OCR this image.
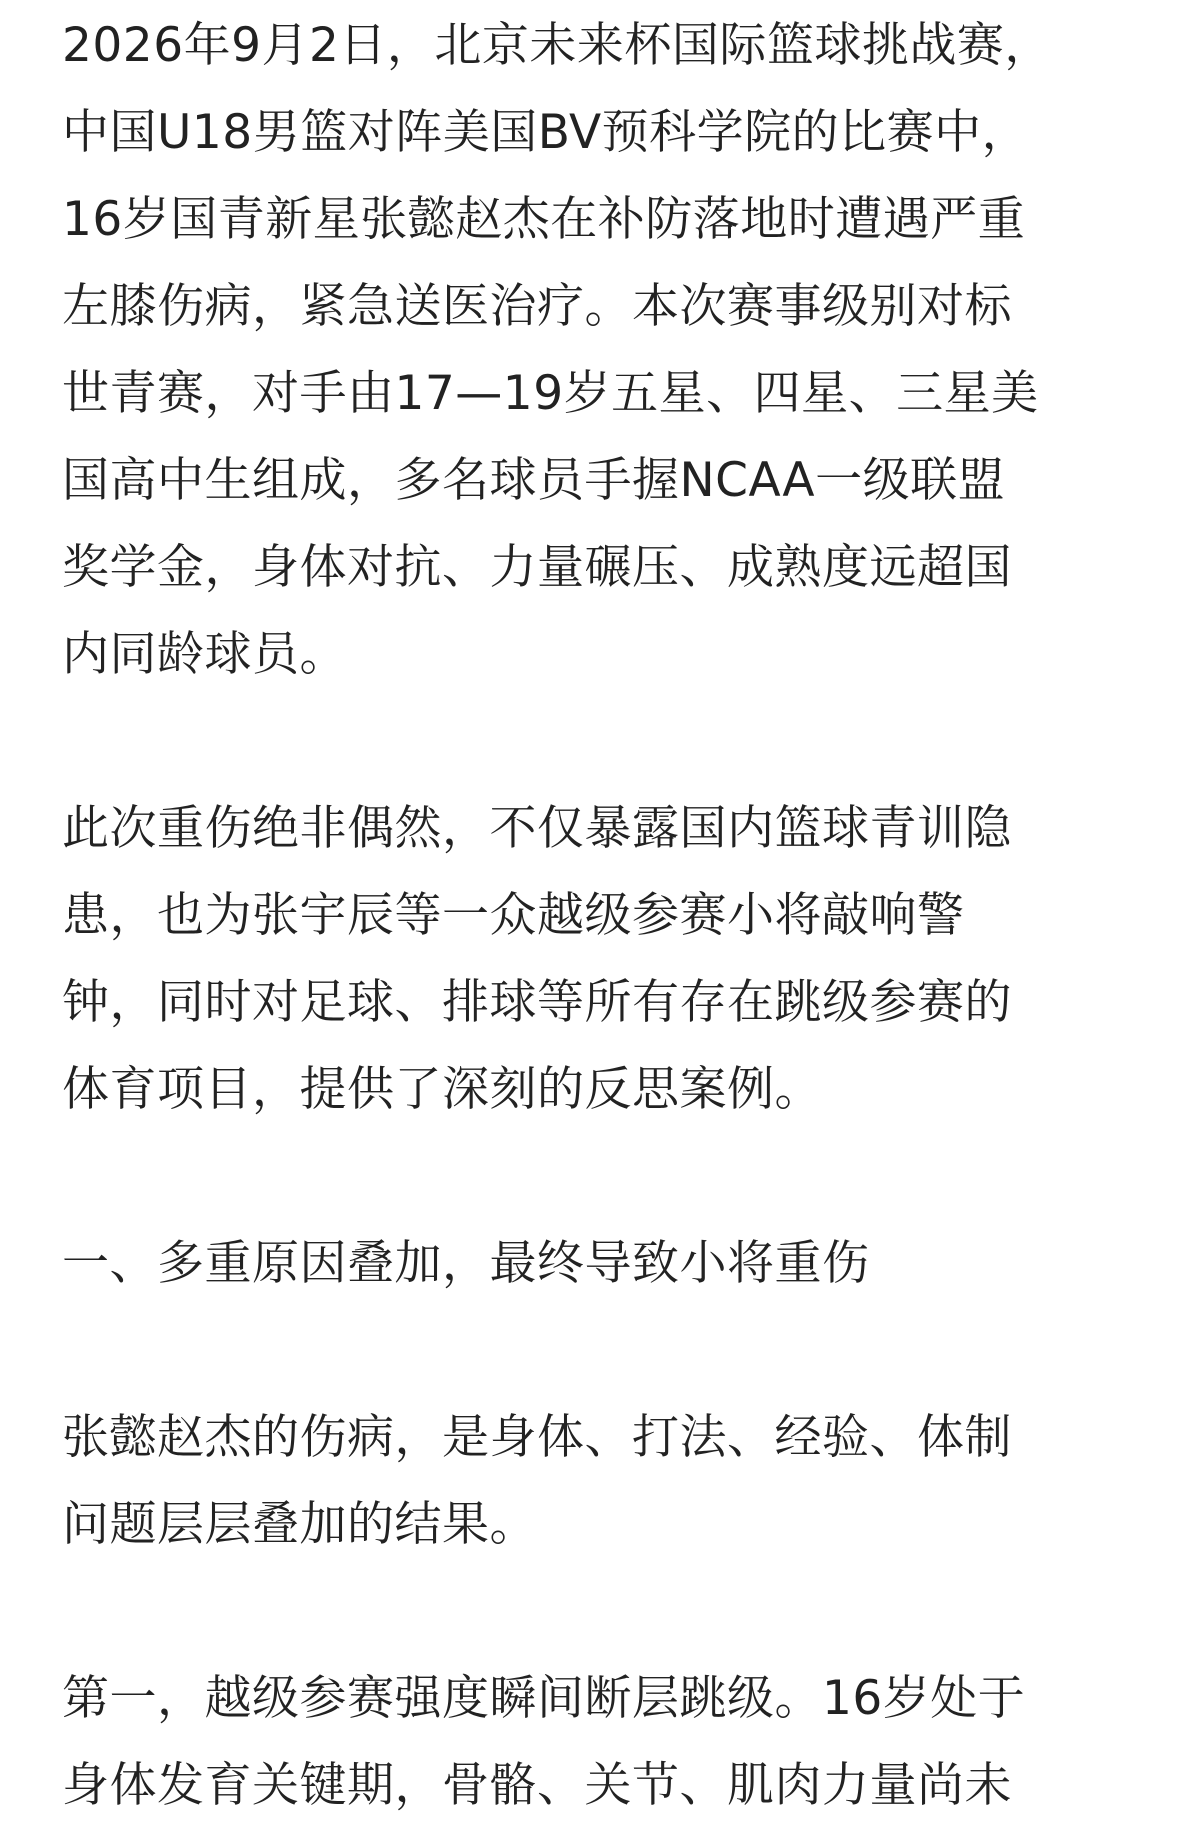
2026年9月2日，北京未来杯国际篮球挑战赛，
中国U18男篮对阵美国BV预科学院的比赛中，
16岁国青新星张懿赵杰在补防落地时遭遇严重
左膝伤病，紧急送医治疗。本次赛事级别对标
世青赛，对手由17—19岁五星、四星、三星美
国高中生组成，多名球员手握NCAA一级联盟
奖学金，身体对抗、力量碾压、成熟度远超国
内同龄球员。
此次重伤绝非偶然，不仅暴露国内篮球青训隐
患，也为张宇辰等一众越级参赛小将敲响警
钟，同时对足球、排球等所有存在跳级参赛的
体育项目，提供了深刻的反思案例。
一、多重原因叠加，最终导致小将重伤
张懿赵杰的伤病，是身体、打法、经验、体制
问题层层叠加的结果。
第一，越级参赛强度瞬间断层跳级。16岁处于
身体发育关键期，骨骼、关节、肌肉力量尚未
